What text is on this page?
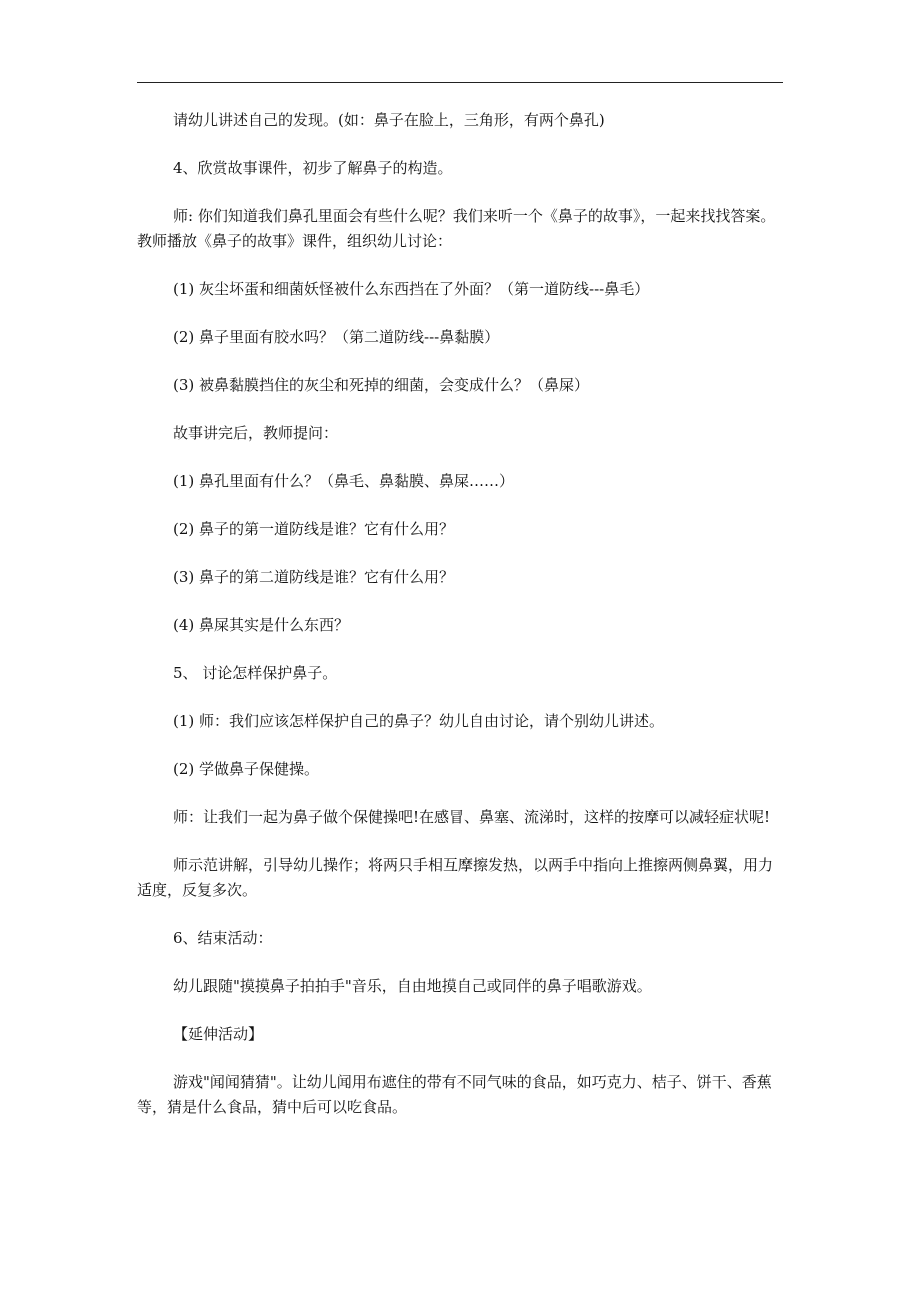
请幼儿讲述自己的发现。(如：鼻子在脸上，三角形，有两个鼻孔)

4、欣赏故事课件，初步了解鼻子的构造。

师: 你们知道我们鼻孔里面会有些什么呢？我们来听一个《鼻子的故事》，一起来找找答案。 教师播放《鼻子的故事》课件，组织幼儿讨论：

(1) 灰尘坏蛋和细菌妖怪被什么东西挡在了外面？（第一道防线---鼻毛）

(2) 鼻子里面有胶水吗？（第二道防线---鼻黏膜）

(3) 被鼻黏膜挡住的灰尘和死掉的细菌，会变成什么？（鼻屎）

故事讲完后，教师提问：

(1) 鼻孔里面有什么？（鼻毛、鼻黏膜、鼻屎……）

(2) 鼻子的第一道防线是谁？它有什么用？

(3) 鼻子的第二道防线是谁？它有什么用？

(4) 鼻屎其实是什么东西？

5、 讨论怎样保护鼻子。

(1) 师：我们应该怎样保护自己的鼻子？幼儿自由讨论，请个别幼儿讲述。

(2) 学做鼻子保健操。

师：让我们一起为鼻子做个保健操吧!在感冒、鼻塞、流涕时，这样的按摩可以减轻症状呢!

师示范讲解，引导幼儿操作；将两只手相互摩擦发热，以两手中指向上推擦两侧鼻翼，用力适度，反复多次。

6、结束活动：

幼儿跟随"摸摸鼻子拍拍手"音乐，自由地摸自己或同伴的鼻子唱歌游戏。

【延伸活动】

游戏"闻闻猜猜"。让幼儿闻用布遮住的带有不同气味的食品，如巧克力、桔子、饼干、香蕉等，猜是什么食品，猜中后可以吃食品。
